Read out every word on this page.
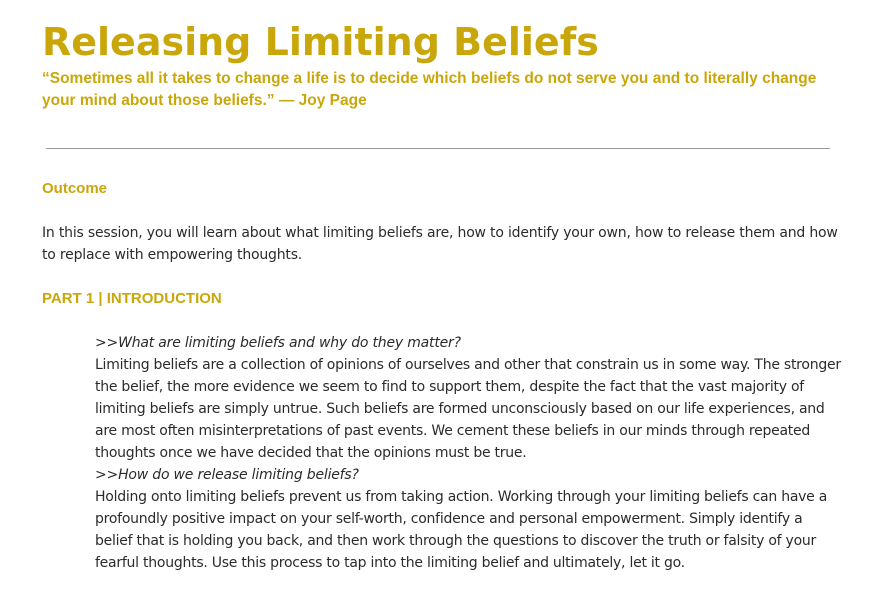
Releasing Limiting Beliefs

“Sometimes all it takes to change a life is to decide which beliefs do not serve you and to literally change your mind about those beliefs.” — Joy Page

Outcome

In this session, you will learn about what limiting beliefs are, how to identify your own, how to release them and how to replace with empowering thoughts.

PART 1 | INTRODUCTION

>>What are limiting beliefs and why do they matter?

Limiting beliefs are a collection of opinions of ourselves and other that constrain us in some way. The stronger the belief, the more evidence we seem to find to support them, despite the fact that the vast majority of limiting beliefs are simply untrue. Such beliefs are formed unconsciously based on our life experiences, and are most often misinterpretations of past events. We cement these beliefs in our minds through repeated thoughts once we have decided that the opinions must be true.

>>How do we release limiting beliefs?

Holding onto limiting beliefs prevent us from taking action. Working through your limiting beliefs can have a profoundly positive impact on your self-worth, confidence and personal empowerment. Simply identify a belief that is holding you back, and then work through the questions to discover the truth or falsity of your fearful thoughts. Use this process to tap into the limiting belief and ultimately, let it go.
